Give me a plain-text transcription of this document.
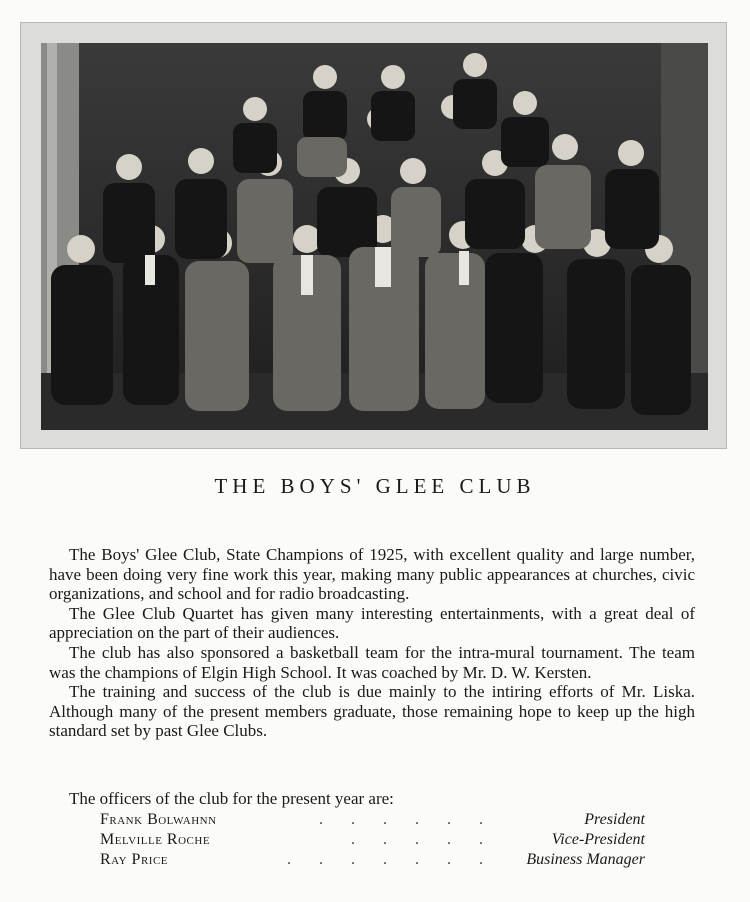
THE BOYS' GLEE CLUB

The Boys' Glee Club, State Champions of 1925, with excellent quality and large number, have been doing very fine work this year, making many public appearances at churches, civic organizations, and school and for radio broadcasting.

The Glee Club Quartet has given many interesting entertainments, with a great deal of appreciation on the part of their audiences.

The club has also sponsored a basketball team for the intra-mural tournament. The team was the champions of Elgin High School. It was coached by Mr. D. W. Kersten.

The training and success of the club is due mainly to the intiring efforts of Mr. Liska. Although many of the present members graduate, those remaining hope to keep up the high standard set by past Glee Clubs.

The officers of the club for the present year are:
Frank Bolwahnn	. . . . . .	President
Melville Roche	. . . . .	Vice-President
Ray Price	. . . . . . . Business Manager
